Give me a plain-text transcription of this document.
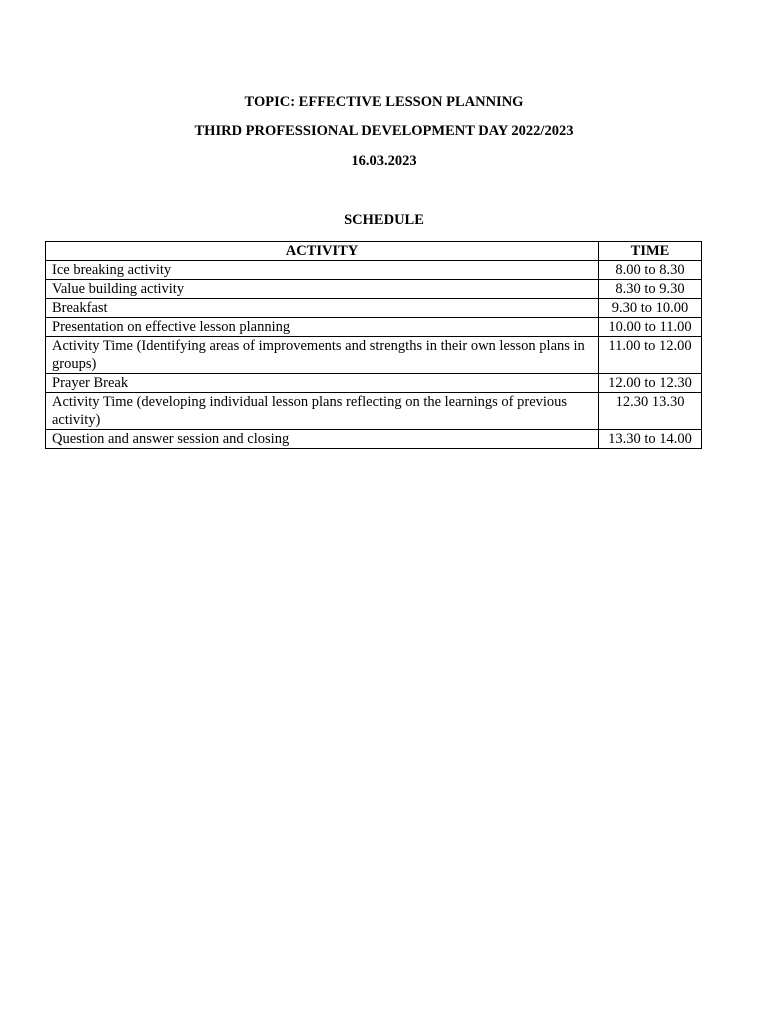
TOPIC: EFFECTIVE LESSON PLANNING

THIRD PROFESSIONAL DEVELOPMENT DAY 2022/2023

16.03.2023

SCHEDULE

ACTIVITY	TIME
Ice breaking activity	8.00 to 8.30
Value building activity	8.30 to 9.30
Breakfast	9.30 to 10.00
Presentation on effective lesson planning	10.00 to 11.00
Activity Time (Identifying areas of improvements and strengths in their own lesson plans in groups)	11.00 to 12.00
Prayer Break	12.00 to 12.30
Activity Time (developing individual lesson plans reflecting on the learnings of previous activity)	12.30 13.30
Question and answer session and closing	13.30 to 14.00
